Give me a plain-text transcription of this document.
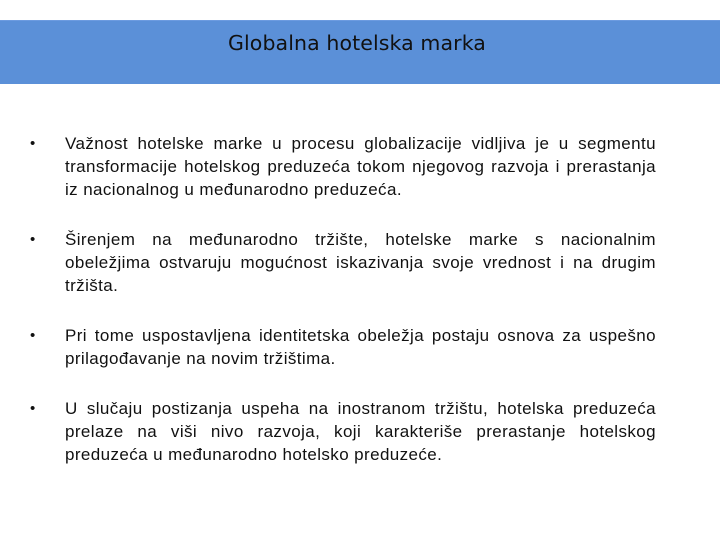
Globalna hotelska marka
• Važnost hotelske marke u procesu globalizacije vidljiva je u segmentu transformacije hotelskog preduzeća tokom njegovog razvoja i prerastanja iz nacionalnog u međunarodno preduzeća.
• Širenjem na međunarodno tržište, hotelske marke s nacionalnim obeležjima ostvaruju mogućnost iskazivanja svoje vrednost i na drugim tržišta.
• Pri tome uspostavljena identitetska obeležja postaju osnova za uspešno prilagođavanje na novim tržištima.
• U slučaju postizanja uspeha na inostranom tržištu, hotelska preduzeća prelaze na viši nivo razvoja, koji karakteriše prerastanje hotelskog preduzeća u međunarodno hotelsko preduzeće.
